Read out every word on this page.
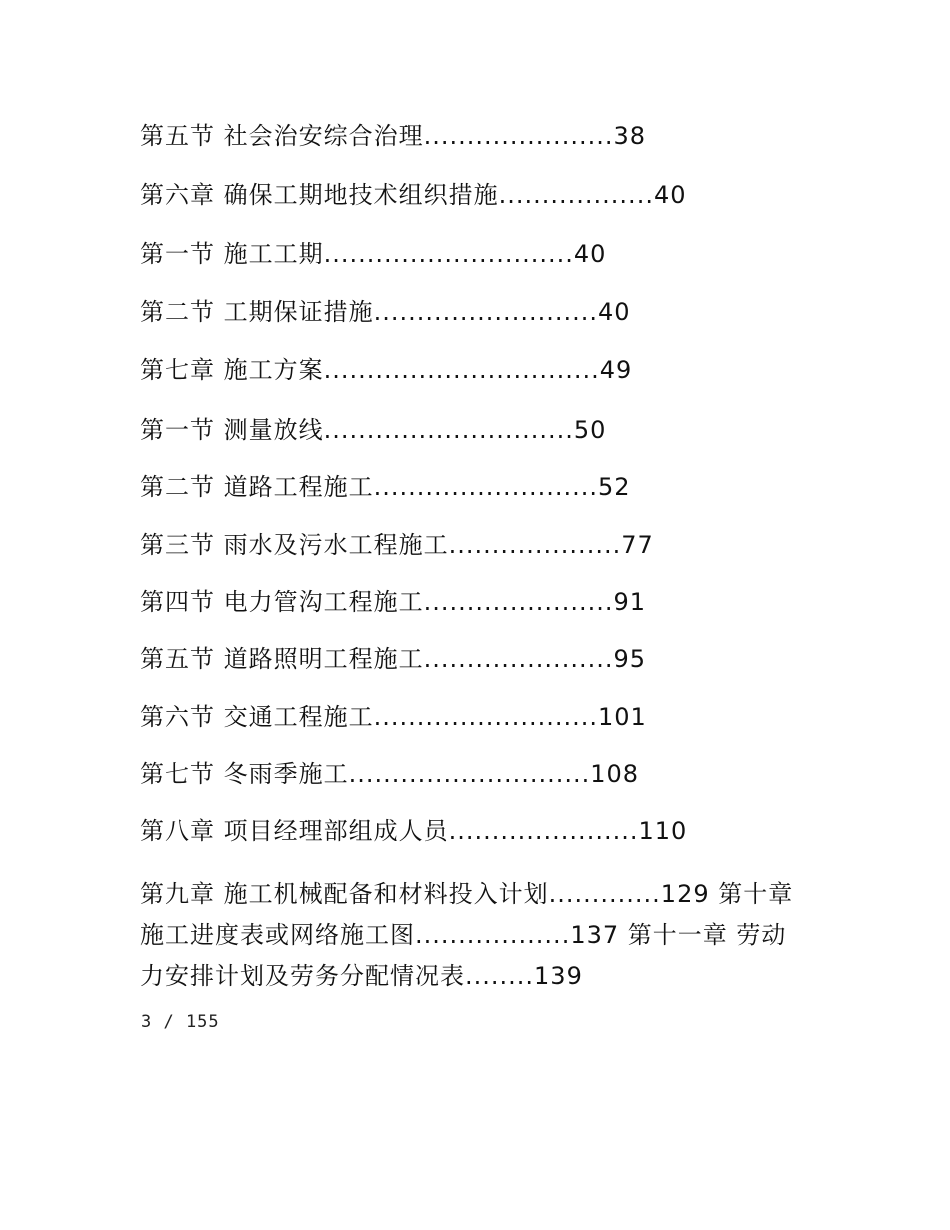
第五节 社会治安综合治理......................38
第六章 确保工期地技术组织措施..................40
第一节 施工工期.............................40
第二节 工期保证措施..........................40
第七章 施工方案................................49
第一节 测量放线.............................50
第二节 道路工程施工..........................52
第三节 雨水及污水工程施工....................77
第四节 电力管沟工程施工......................91
第五节 道路照明工程施工......................95
第六节 交通工程施工..........................101
第七节 冬雨季施工............................108
第八章 项目经理部组成人员......................110
第九章 施工机械配备和材料投入计划.............129 第十章 施工进度表或网络施工图..................137 第十一章 劳动力安排计划及劳务分配情况表........139
3 / 155
